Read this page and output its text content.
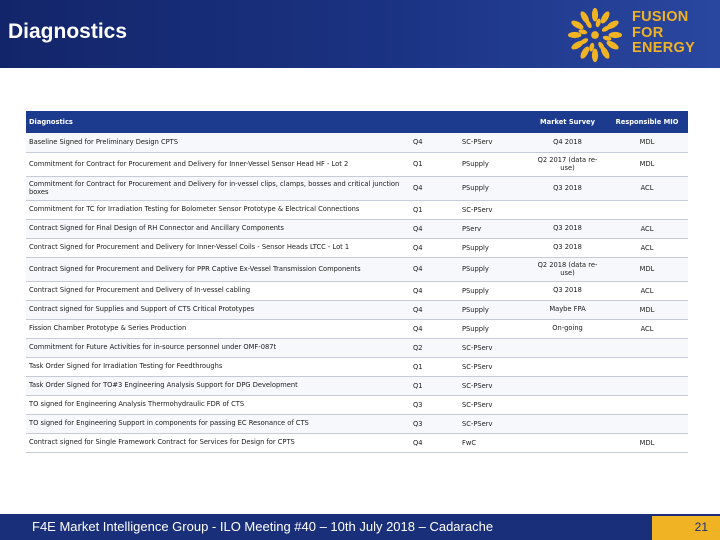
Diagnostics
FUSION
FOR
ENERGY
Diagnostics			Market Survey	Responsible MIO
Baseline Signed for Preliminary Design CPTS	Q4	SC-PServ	Q4 2018	MDL
Commitment for Contract for Procurement and Delivery for Inner-Vessel Sensor Head HF - Lot 2	Q1	PSupply	Q2 2017 (data re-use)	MDL
Commitment for Contract for Procurement and Delivery for in-vessel clips, clamps, bosses and critical junction boxes	Q4	PSupply	Q3 2018	ACL
Commitment for TC for Irradiation Testing for Bolometer Sensor Prototype & Electrical Connections	Q1	SC-PServ		
Contract Signed for Final Design of RH Connector and Ancillary Components	Q4	PServ	Q3 2018	ACL
Contract Signed for Procurement and Delivery for Inner-Vessel Coils - Sensor Heads LTCC - Lot 1	Q4	PSupply	Q3 2018	ACL
Contract Signed for Procurement and Delivery for PPR Captive Ex-Vessel Transmission Components	Q4	PSupply	Q2 2018 (data re-use)	MDL
Contract Signed for Procurement and Delivery of In-vessel cabling	Q4	PSupply	Q3 2018	ACL
Contract signed for Supplies and Support of CTS Critical Prototypes	Q4	PSupply	Maybe FPA	MDL
Fission Chamber Prototype & Series Production	Q4	PSupply	On-going	ACL
Commitment for Future Activities for in-source personnel under OMF-087t	Q2	SC-PServ		
Task Order Signed for Irradiation Testing for Feedthroughs	Q1	SC-PServ		
Task Order Signed for TO#3 Engineering Analysis Support for DPG Development	Q1	SC-PServ		
TO signed for Engineering Analysis Thermohydraulic FDR of CTS	Q3	SC-PServ		
TO signed for Engineering Support in components for passing EC Resonance of CTS	Q3	SC-PServ		
Contract signed for Single Framework Contract for Services for Design for CPTS	Q4	FwC		MDL
F4E Market Intelligence Group - ILO Meeting #40 – 10th July 2018 – Cadarache	21
